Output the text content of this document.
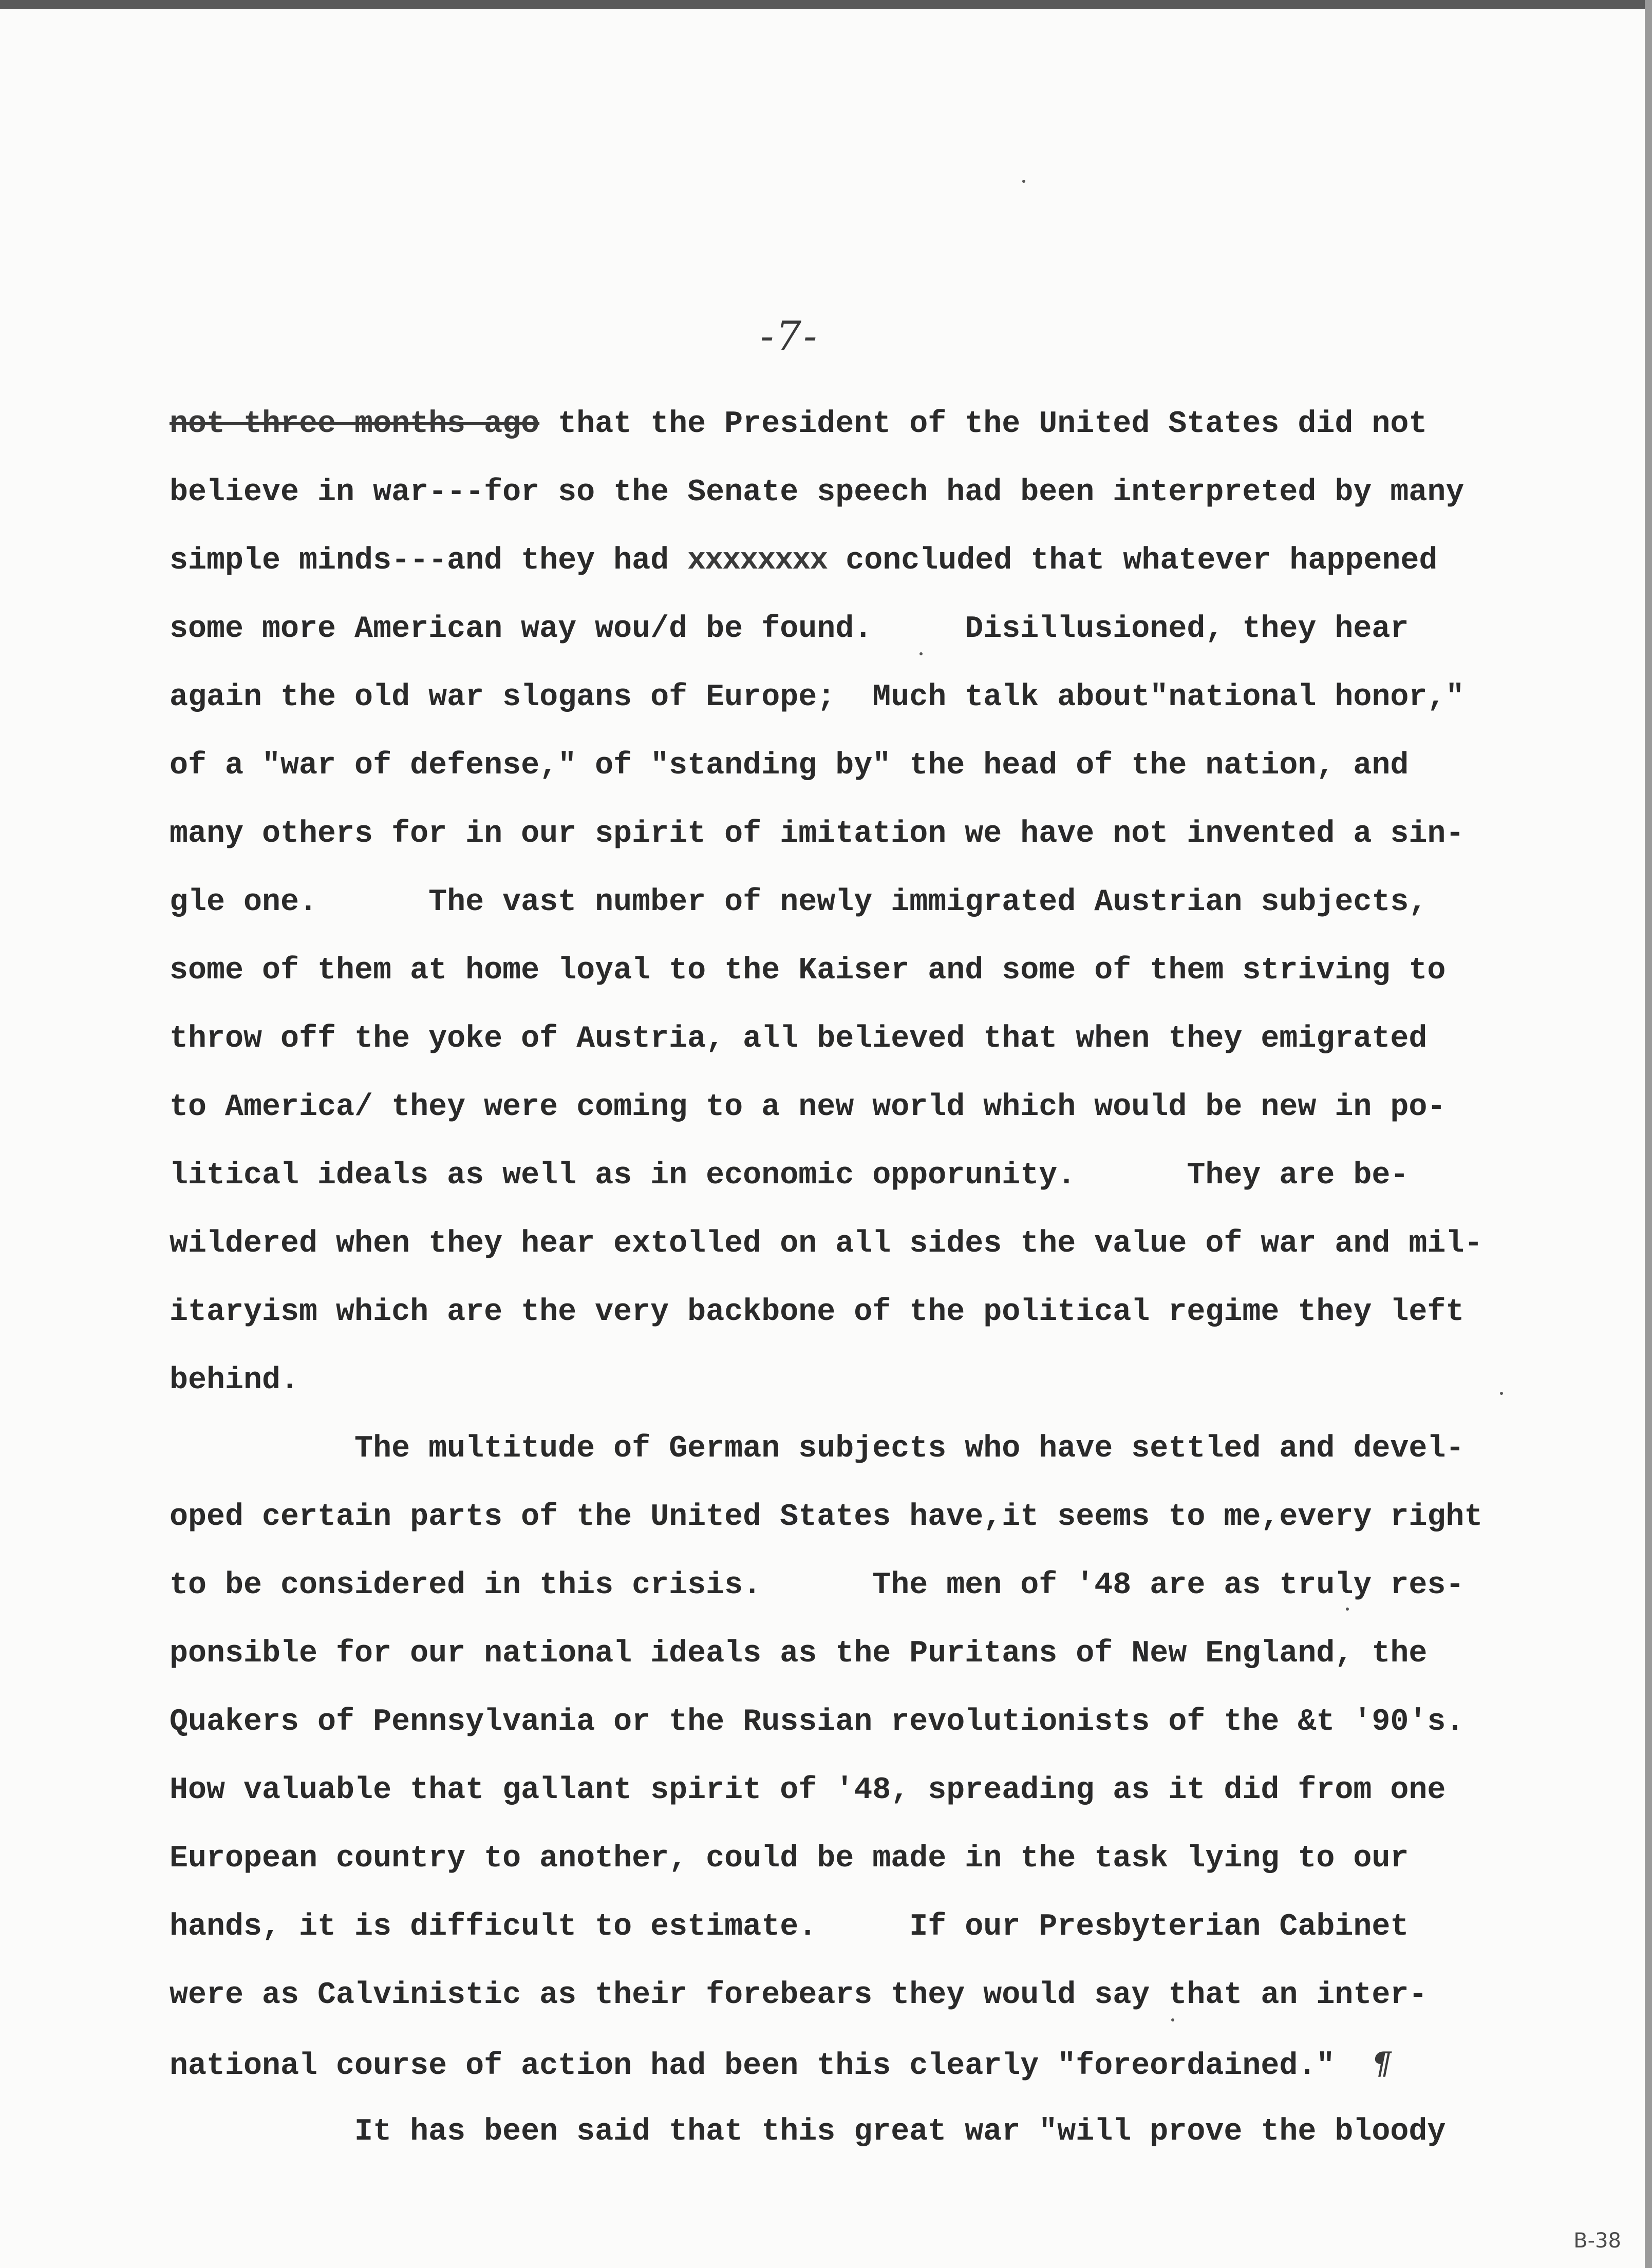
-7-
not three months ago that the President of the United States did not
believe in war---for so the Senate speech had been interpreted by many
simple minds---and they had xxxxxxxx concluded that whatever happened
some more American way wou/d be found.     Disillusioned, they hear
again the old war slogans of Europe;  Much talk about"national honor,"
of a "war of defense," of "standing by" the head of the nation, and
many others for in our spirit of imitation we have not invented a sin-
gle one.      The vast number of newly immigrated Austrian subjects,
some of them at home loyal to the Kaiser and some of them striving to
throw off the yoke of Austria, all believed that when they emigrated
to America/ they were coming to a new world which would be new in po-
litical ideals as well as in economic opporunity.      They are be-
wildered when they hear extolled on all sides the value of war and mil-
itaryism which are the very backbone of the political regime they left
behind.
The multitude of German subjects who have settled and devel-
oped certain parts of the United States have,it seems to me,every right
to be considered in this crisis.      The men of '48 are as truly res-
ponsible for our national ideals as the Puritans of New England, the
Quakers of Pennsylvania or the Russian revolutionists of the &t '90's.
How valuable that gallant spirit of '48, spreading as it did from one
European country to another, could be made in the task lying to our
hands, it is difficult to estimate.     If our Presbyterian Cabinet
were as Calvinistic as their forebears they would say that an inter-
national course of action had been this clearly "foreordained."  ¶
It has been said that this great war "will prove the bloody
B-38
